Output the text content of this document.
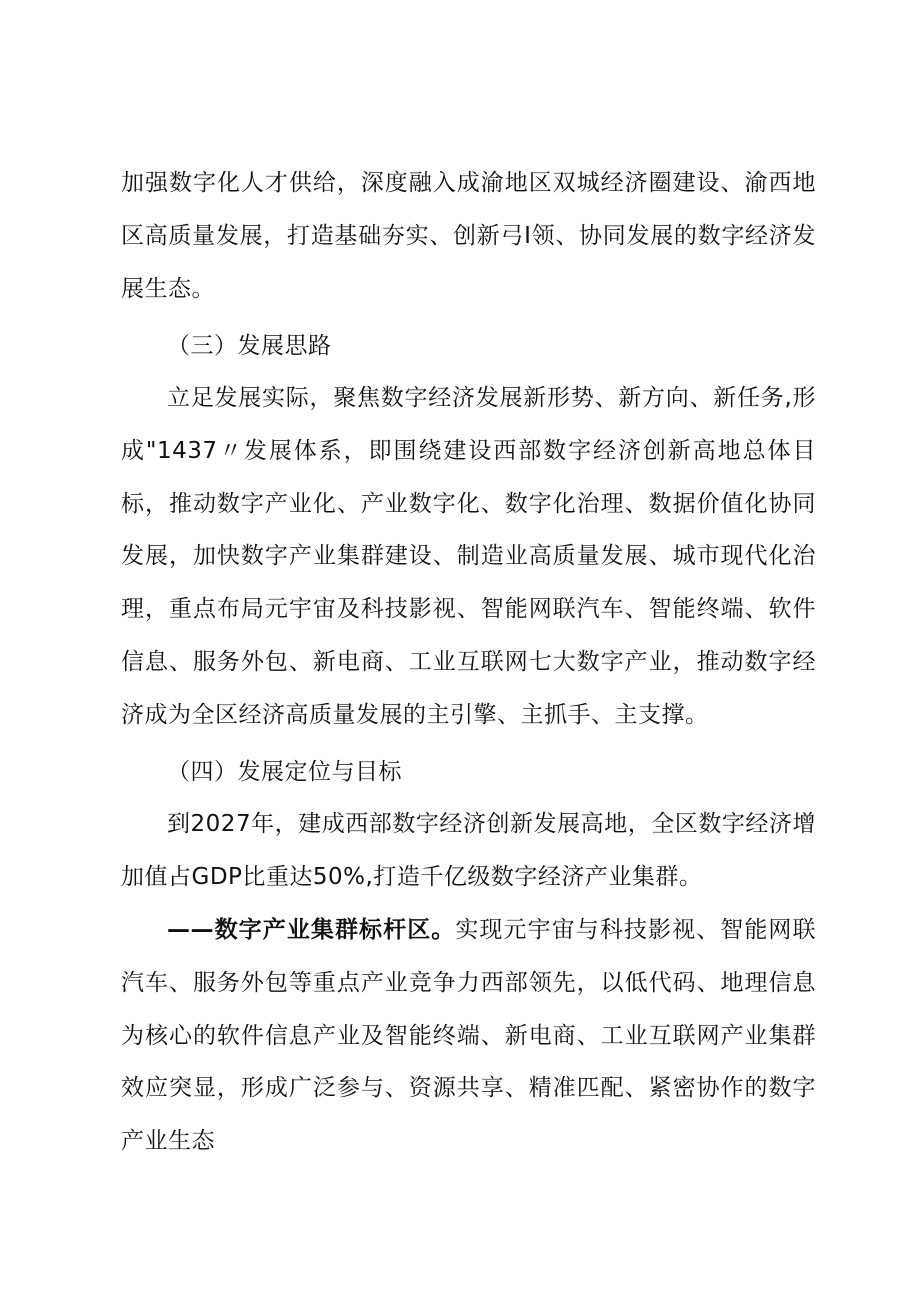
加强数字化人才供给，深度融入成渝地区双城经济圈建设、渝西地区高质量发展，打造基础夯实、创新弓I领、协同发展的数字经济发展生态。

（三）发展思路

立足发展实际，聚焦数字经济发展新形势、新方向、新任务,形成"1437〃发展体系，即围绕建设西部数字经济创新高地总体目标，推动数字产业化、产业数字化、数字化治理、数据价值化协同发展，加快数字产业集群建设、制造业高质量发展、城市现代化治理，重点布局元宇宙及科技影视、智能网联汽车、智能终端、软件信息、服务外包、新电商、工业互联网七大数字产业，推动数字经济成为全区经济高质量发展的主引擎、主抓手、主支撑。

（四）发展定位与目标

到2027年，建成西部数字经济创新发展高地，全区数字经济增加值占GDP比重达50%,打造千亿级数字经济产业集群。

——数字产业集群标杆区。实现元宇宙与科技影视、智能网联汽车、服务外包等重点产业竞争力西部领先，以低代码、地理信息为核心的软件信息产业及智能终端、新电商、工业互联网产业集群效应突显，形成广泛参与、资源共享、精准匹配、紧密协作的数字产业生态
